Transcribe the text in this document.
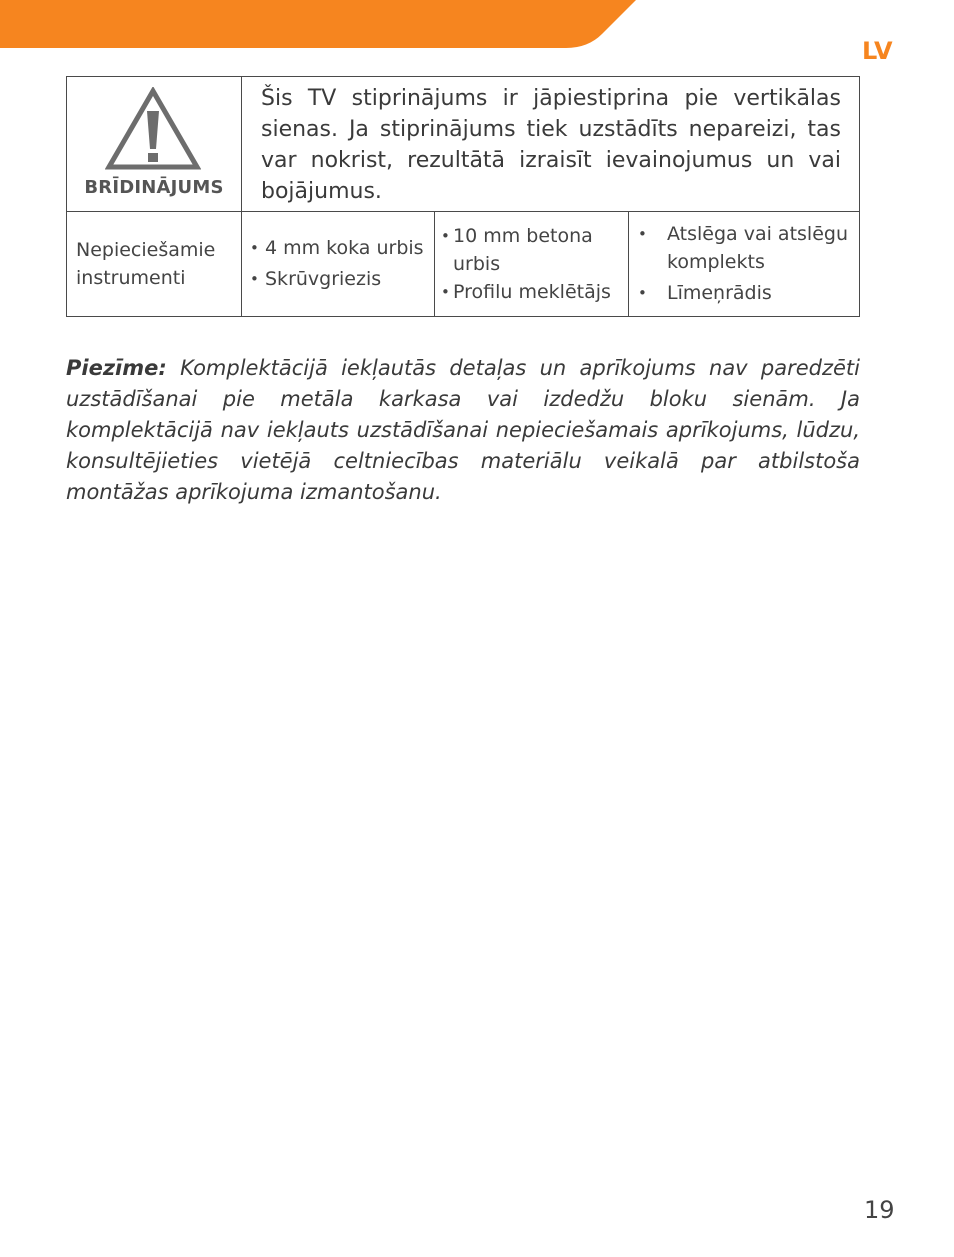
LV
BRĪDINĀJUMS
Šis TV stiprinājums ir jāpiestiprina pie vertikālas sienas. Ja stiprinājums tiek uzstādīts nepareizi, tas var nokrist, rezultātā izraisīt ievainojumus un vai bojājumus.
Nepieciešamie instrumenti
• 4 mm koka urbis
• Skrūvgriezis
• 10 mm betona urbis
• Profilu meklētājs
• Atslēga vai atslēgu komplekts
• Līmeņrādis
Piezīme: Komplektācijā iekļautās detaļas un aprīkojums nav paredzēti uzstādīšanai pie metāla karkasa vai izdedžu bloku sienām. Ja komplektācijā nav iekļauts uzstādīšanai nepieciešamais aprīkojums, lūdzu, konsultējieties vietējā celtniecības materiālu veikalā par atbilstoša montāžas aprīkojuma izmantošanu.
19
